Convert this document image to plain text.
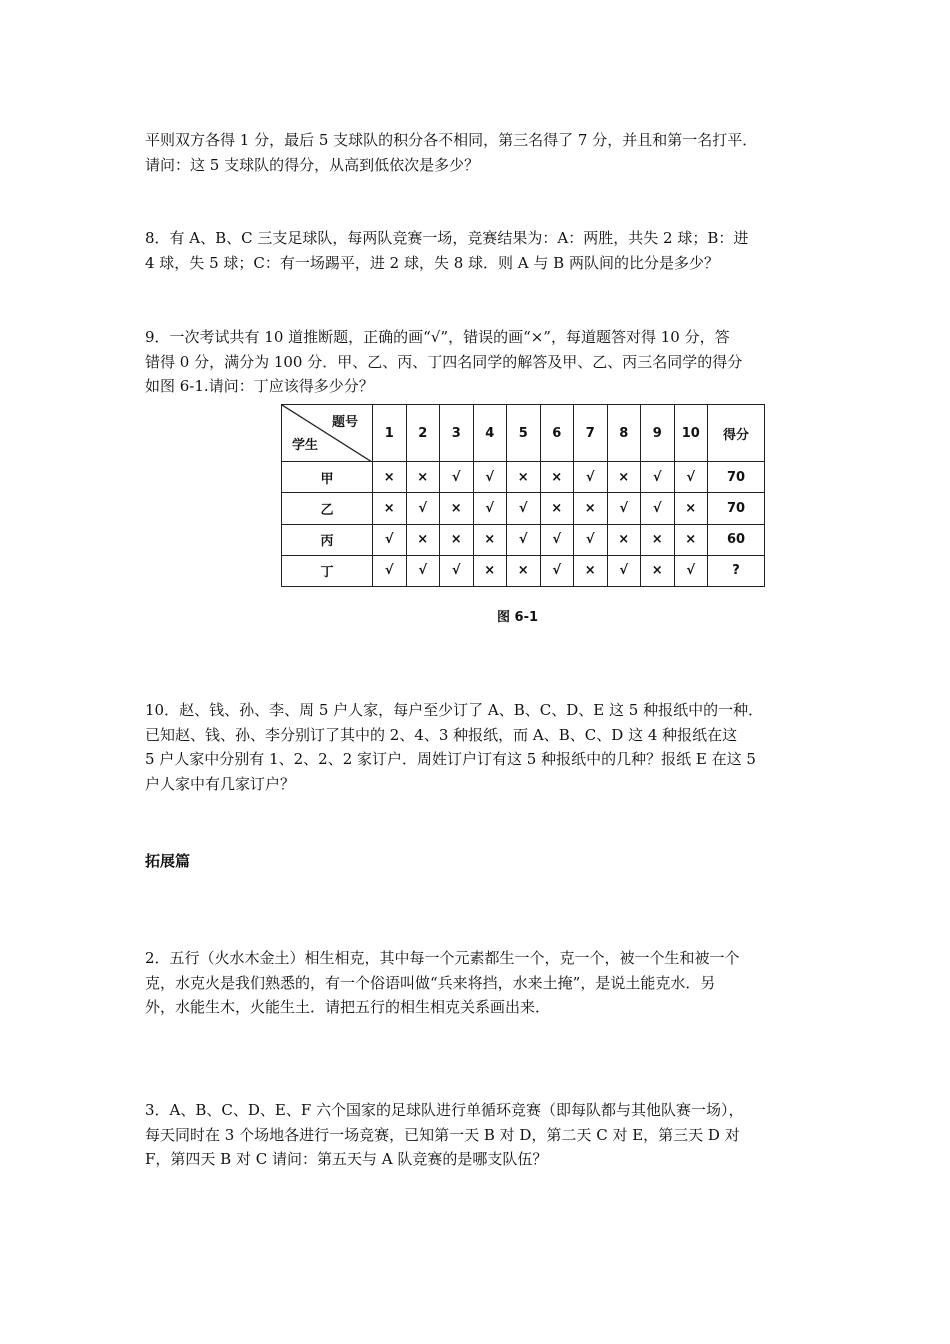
平则双方各得 1 分，最后 5 支球队的积分各不相同，第三名得了 7 分，并且和第一名打平．
请问：这 5 支球队的得分，从高到低依次是多少？
8．有 A、B、C 三支足球队，每两队竞赛一场，竞赛结果为：A：两胜，共失 2 球；B：进
4 球，失 5 球；C：有一场踢平，进 2 球，失 8 球．则 A 与 B 两队间的比分是多少？
9．一次考试共有 10 道推断题，正确的画“√”，错误的画“×”，每道题答对得 10 分，答
错得 0 分，满分为 100 分．甲、乙、丙、丁四名同学的解答及甲、乙、丙三名同学的得分
如图 6-1.请问：丁应该得多少分？
题号
学生	1	2	3	4	5	6	7	8	9	10	得分
甲	×	×	√	√	×	×	√	×	√	√	70
乙	×	√	×	√	√	×	×	√	√	×	70
丙	√	×	×	×	√	√	√	×	×	×	60
丁	√	√	√	×	×	√	×	√	×	√	?
图 6-1
10．赵、钱、孙、李、周 5 户人家，每户至少订了 A、B、C、D、E 这 5 种报纸中的一种．
已知赵、钱、孙、李分别订了其中的 2、4、3 种报纸，而 A、B、C、D 这 4 种报纸在这
5 户人家中分别有 1、2、2、2 家订户．周姓订户订有这 5 种报纸中的几种？报纸 E 在这 5
户人家中有几家订户？
拓展篇
2．五行（火水木金土）相生相克，其中每一个元素都生一个，克一个，被一个生和被一个
克，水克火是我们熟悉的，有一个俗语叫做“兵来将挡，水来土掩”，是说土能克水．另
外，水能生木，火能生土．请把五行的相生相克关系画出来．
3．A、B、C、D、E、F 六个国家的足球队进行单循环竞赛（即每队都与其他队赛一场），
每天同时在 3 个场地各进行一场竞赛，已知第一天 B 对 D，第二天 C 对 E，第三天 D 对
F，第四天 B 对 C 请问：第五天与 A 队竞赛的是哪支队伍？
